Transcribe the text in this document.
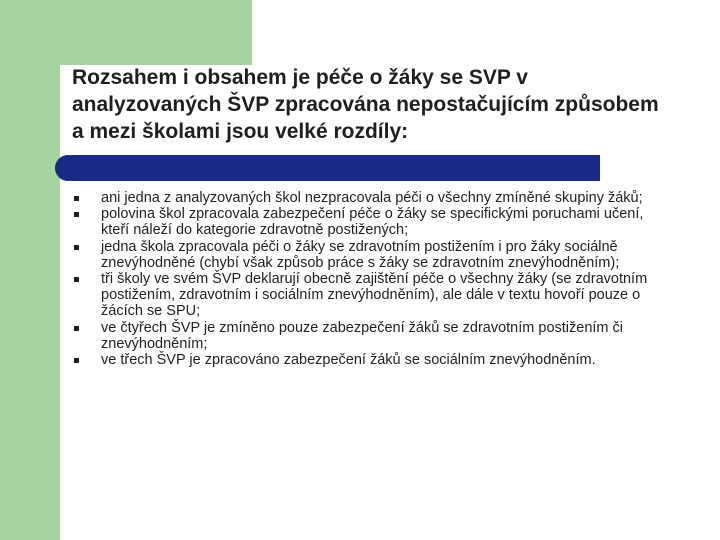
Rozsahem i obsahem je péče o žáky se SVP v analyzovaných ŠVP zpracována nepostačujícím způsobem a mezi školami jsou velké rozdíly:
ani jedna z analyzovaných škol nezpracovala péči o všechny zmíněné skupiny žáků;
polovina škol zpracovala zabezpečení péče o žáky se specifickými poruchami učení, kteří náleží do kategorie zdravotně postižených;
jedna škola zpracovala péči o žáky se zdravotním postižením i pro žáky sociálně znevýhodněné (chybí však způsob práce s žáky se zdravotním znevýhodněním);
tři školy ve svém ŠVP deklarují obecně zajištění péče o všechny žáky (se zdravotním postižením, zdravotním i sociálním znevýhodněním), ale dále v textu hovoří pouze o žácích se SPU;
ve čtyřech ŠVP je zmíněno pouze zabezpečení žáků se zdravotním postižením či znevýhodněním;
ve třech ŠVP je zpracováno zabezpečení žáků se sociálním znevýhodněním.
